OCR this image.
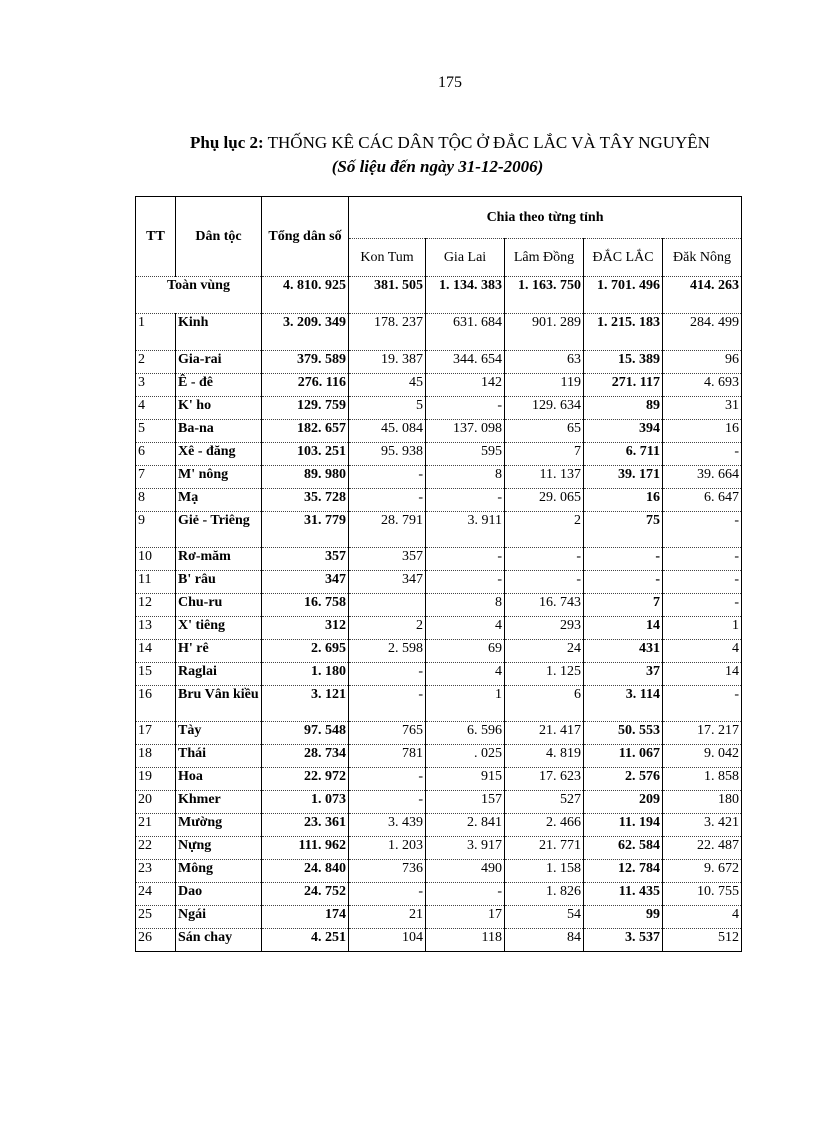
175
Phụ lục 2: THỐNG KÊ CÁC DÂN TỘC Ở ĐẮC LẮC VÀ TÂY NGUYÊN
(Số liệu đến ngày 31-12-2006)
TT	Dân tộc	Tổng dân số	Chia theo từng tỉnh				
			Kon Tum	Gia Lai	Lâm Đồng	ĐẮC LẮC	Đăk Nông
Toàn vùng		4. 810. 925	381. 505	1. 134. 383	1. 163. 750	1. 701. 496	414. 263
1	Kinh	3. 209. 349	178. 237	631. 684	901. 289	1. 215. 183	284. 499
2	Gia-rai	379. 589	19. 387	344. 654	63	15. 389	96
3	Ê - đê	276. 116	45	142	119	271. 117	4. 693
4	K' ho	129. 759	5	-	129. 634	89	31
5	Ba-na	182. 657	45. 084	137. 098	65	394	16
6	Xê - đăng	103. 251	95. 938	595	7	6. 711	-
7	M' nông	89. 980	-	8	11. 137	39. 171	39. 664
8	Mạ	35. 728	-	-	29. 065	16	6. 647
9	Giẻ - Triêng	31. 779	28. 791	3. 911	2	75	-
10	Rơ-măm	357	357	-	-	-	-
11	B' râu	347	347	-	-	-	-
12	Chu-ru	16. 758		8	16. 743	7	-
13	X' tiêng	312	2	4	293	14	1
14	H' rê	2. 695	2. 598	69	24	431	4
15	Raglai	1. 180	-	4	1. 125	37	14
16	Bru Vân kiều	3. 121	-	1	6	3. 114	-
17	Tày	97. 548	765	6. 596	21. 417	50. 553	17. 217
18	Thái	28. 734	781	. 025	4. 819	11. 067	9. 042
19	Hoa	22. 972	-	915	17. 623	2. 576	1. 858
20	Khmer	1. 073	-	157	527	209	180
21	Mường	23. 361	3. 439	2. 841	2. 466	11. 194	3. 421
22	Nựng	111. 962	1. 203	3. 917	21. 771	62. 584	22. 487
23	Mông	24. 840	736	490	1. 158	12. 784	9. 672
24	Dao	24. 752	-	-	1. 826	11. 435	10. 755
25	Ngái	174	21	17	54	99	4
26	Sán chay	4. 251	104	118	84	3. 537	512
